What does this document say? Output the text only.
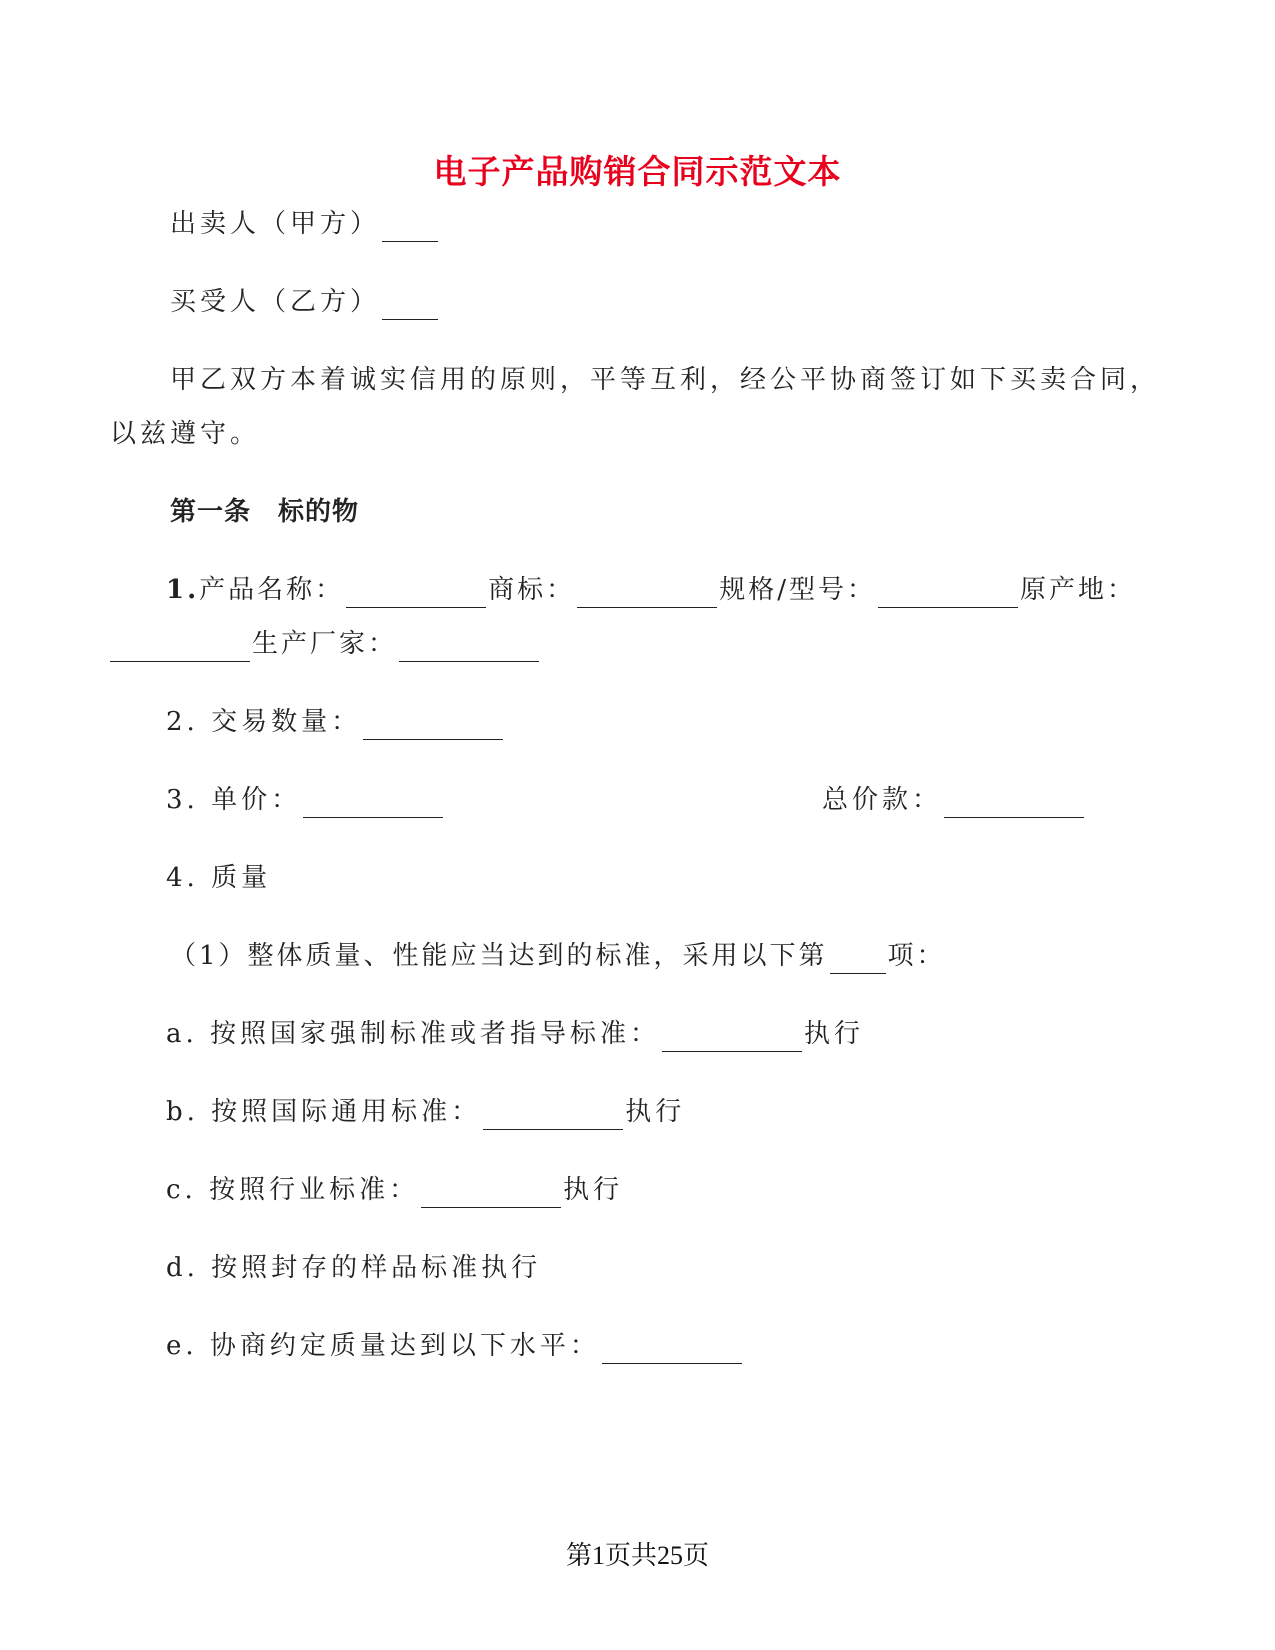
电子产品购销合同示范文本
出卖人（甲方）
买受人（乙方）
甲乙双方本着诚实信用的原则，平等互利，经公平协商签订如下买卖合同，
以兹遵守。
第一条　标的物
1.产品名称：	商标：	规格/型号：	原产地：
生产厂家：
2. 交易数量：
3. 单价：	总价款：
4. 质量
（1）整体质量、性能应当达到的标准，采用以下第 项：
a. 按照国家强制标准或者指导标准：	执行
b. 按照国际通用标准：	执行
c. 按照行业标准：	执行
d. 按照封存的样品标准执行
e. 协商约定质量达到以下水平：
第1页共25页
